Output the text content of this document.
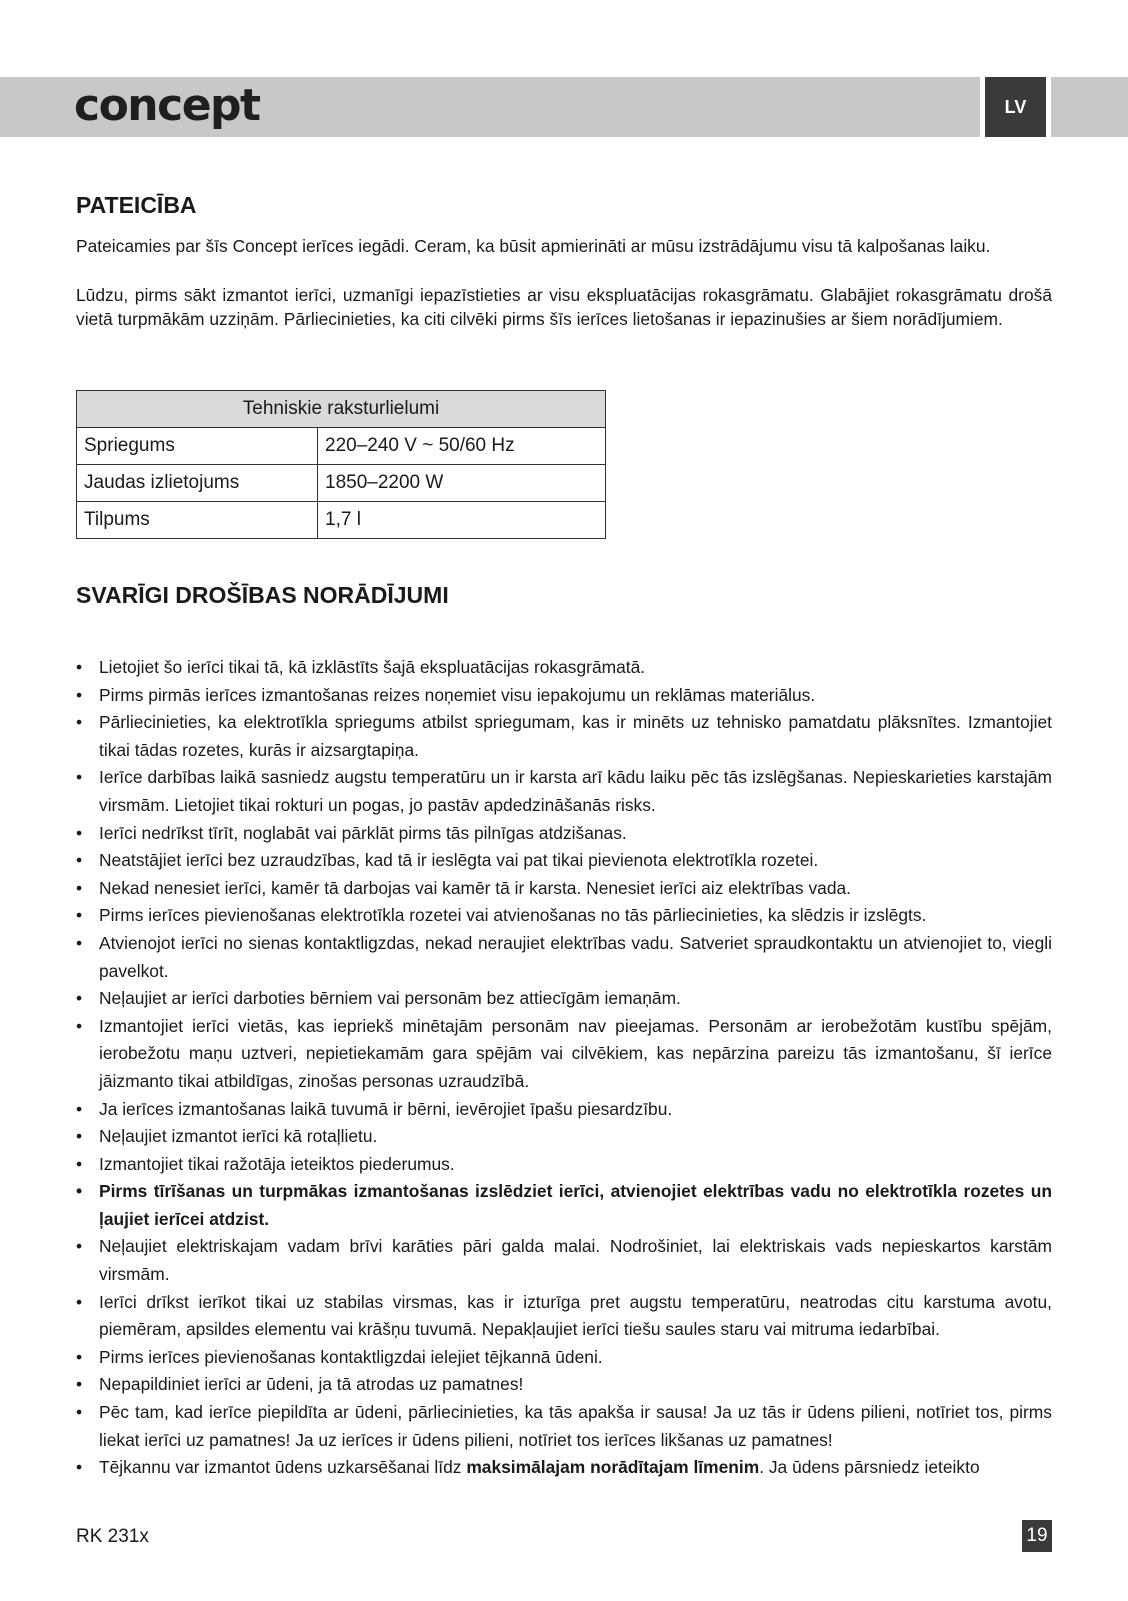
concept	LV
PATEICĪBA

Pateicamies par šīs Concept ierīces iegādi. Ceram, ka būsit apmierināti ar mūsu izstrādājumu visu tā kalpošanas laiku.

Lūdzu, pirms sākt izmantot ierīci, uzmanīgi iepazīstieties ar visu ekspluatācijas rokasgrāmatu. Glabājiet rokasgrāmatu drošā vietā turpmākām uzziņām. Pārliecinieties, ka citi cilvēki pirms šīs ierīces lietošanas ir iepazinušies ar šiem norādījumiem.

Tehniskie raksturlielumi	
Spriegums	220–240 V ~ 50/60 Hz
Jaudas izlietojums	1850–2200 W
Tilpums	1,7 l
SVARĪGI DROŠĪBAS NORĀDĪJUMI
• Lietojiet šo ierīci tikai tā, kā izklāstīts šajā ekspluatācijas rokasgrāmatā.
• Pirms pirmās ierīces izmantošanas reizes noņemiet visu iepakojumu un reklāmas materiālus.
• Pārliecinieties, ka elektrotīkla spriegums atbilst spriegumam, kas ir minēts uz tehnisko pamatdatu plāksnītes. Izmantojiet tikai tādas rozetes, kurās ir aizsargtapiņa.
• Ierīce darbības laikā sasniedz augstu temperatūru un ir karsta arī kādu laiku pēc tās izslēgšanas. Nepieskarieties karstajām virsmām. Lietojiet tikai rokturi un pogas, jo pastāv apdedzināšanās risks.
• Ierīci nedrīkst tīrīt, noglabāt vai pārklāt pirms tās pilnīgas atdzišanas.
• Neatstājiet ierīci bez uzraudzības, kad tā ir ieslēgta vai pat tikai pievienota elektrotīkla rozetei.
• Nekad nenesiet ierīci, kamēr tā darbojas vai kamēr tā ir karsta. Nenesiet ierīci aiz elektrības vada.
• Pirms ierīces pievienošanas elektrotīkla rozetei vai atvienošanas no tās pārliecinieties, ka slēdzis ir izslēgts.
• Atvienojot ierīci no sienas kontaktligzdas, nekad neraujiet elektrības vadu. Satveriet spraudkontaktu un atvienojiet to, viegli pavelkot.
• Neļaujiet ar ierīci darboties bērniem vai personām bez attiecīgām iemaņām.
• Izmantojiet ierīci vietās, kas iepriekš minētajām personām nav pieejamas. Personām ar ierobežotām kustību spējām, ierobežotu maņu uztveri, nepietiekamām gara spējām vai cilvēkiem, kas nepārzina pareizu tās izmantošanu, šī ierīce jāizmanto tikai atbildīgas, zinošas personas uzraudzībā.
• Ja ierīces izmantošanas laikā tuvumā ir bērni, ievērojiet īpašu piesardzību.
• Neļaujiet izmantot ierīci kā rotaļlietu.
• Izmantojiet tikai ražotāja ieteiktos piederumus.
• Pirms tīrīšanas un turpmākas izmantošanas izslēdziet ierīci, atvienojiet elektrības vadu no elektrotīkla rozetes un ļaujiet ierīcei atdzist.
• Neļaujiet elektriskajam vadam brīvi karāties pāri galda malai. Nodrošiniet, lai elektriskais vads nepieskartos karstām virsmām.
• Ierīci drīkst ierīkot tikai uz stabilas virsmas, kas ir izturīga pret augstu temperatūru, neatrodas citu karstuma avotu, piemēram, apsildes elementu vai krāšņu tuvumā. Nepakļaujiet ierīci tiešu saules staru vai mitruma iedarbībai.
• Pirms ierīces pievienošanas kontaktligzdai ielejiet tējkannā ūdeni.
• Nepapildiniet ierīci ar ūdeni, ja tā atrodas uz pamatnes!
• Pēc tam, kad ierīce piepildīta ar ūdeni, pārliecinieties, ka tās apakša ir sausa! Ja uz tās ir ūdens pilieni, notīriet tos, pirms liekat ierīci uz pamatnes! Ja uz ierīces ir ūdens pilieni, notīriet tos ierīces likšanas uz pamatnes!
• Tējkannu var izmantot ūdens uzkarsēšanai līdz maksimālajam norādītajam līmenim. Ja ūdens pārsniedz ieteikto
RK 231x	19
